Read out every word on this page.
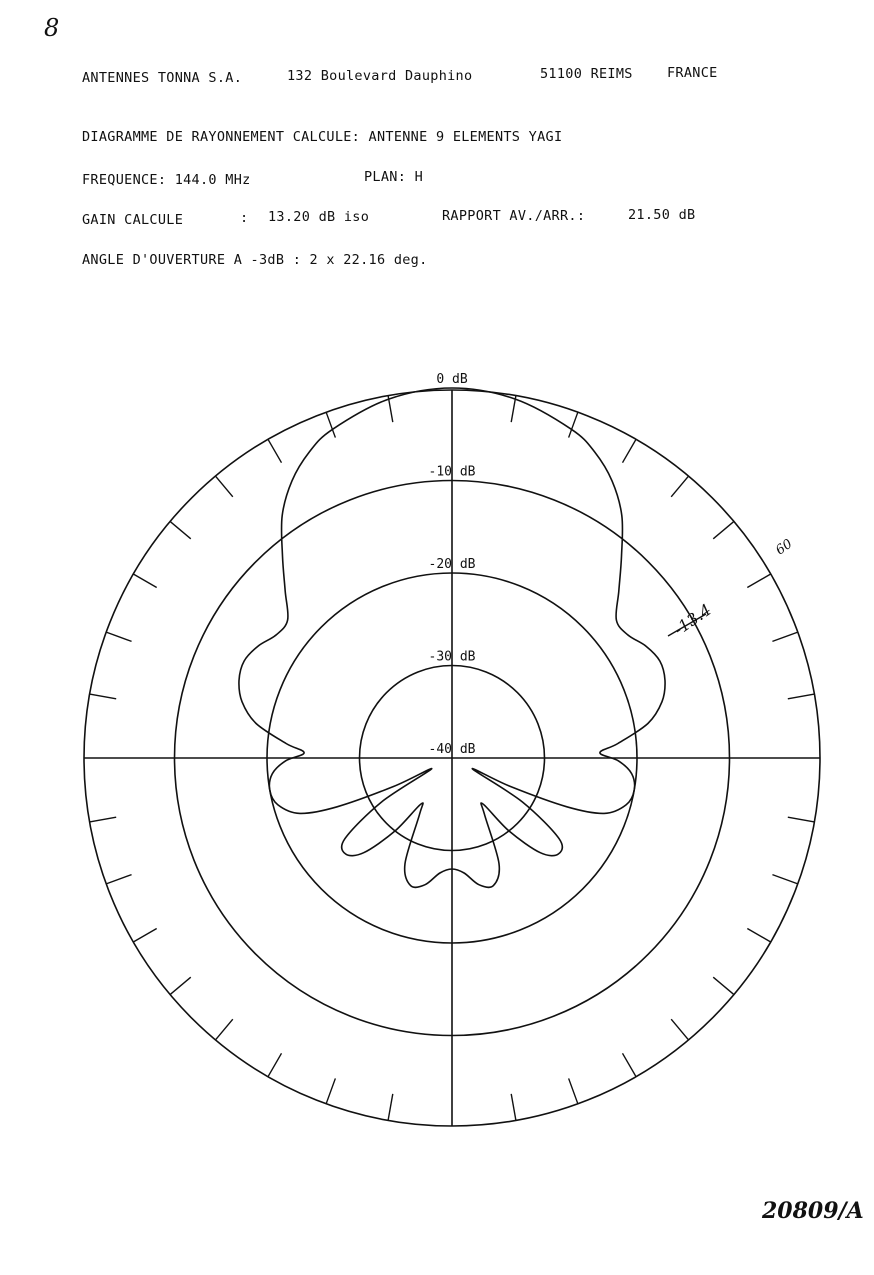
8
ANTENNES TONNA S.A.	132 Boulevard Dauphino	51100 REIMS	FRANCE
DIAGRAMME DE RAYONNEMENT CALCULE: ANTENNE 9 ELEMENTS YAGI
FREQUENCE: 144.0 MHz	PLAN: H
GAIN CALCULE	: 13.20 dB iso	RAPPORT AV./ARR.:	21.50 dB
ANGLE D'OUVERTURE A -3dB : 2 x 22.16 deg.
0 dB
-10 dB
-20 dB
-30 dB
-40 dB
60
-13.4
20809/A
